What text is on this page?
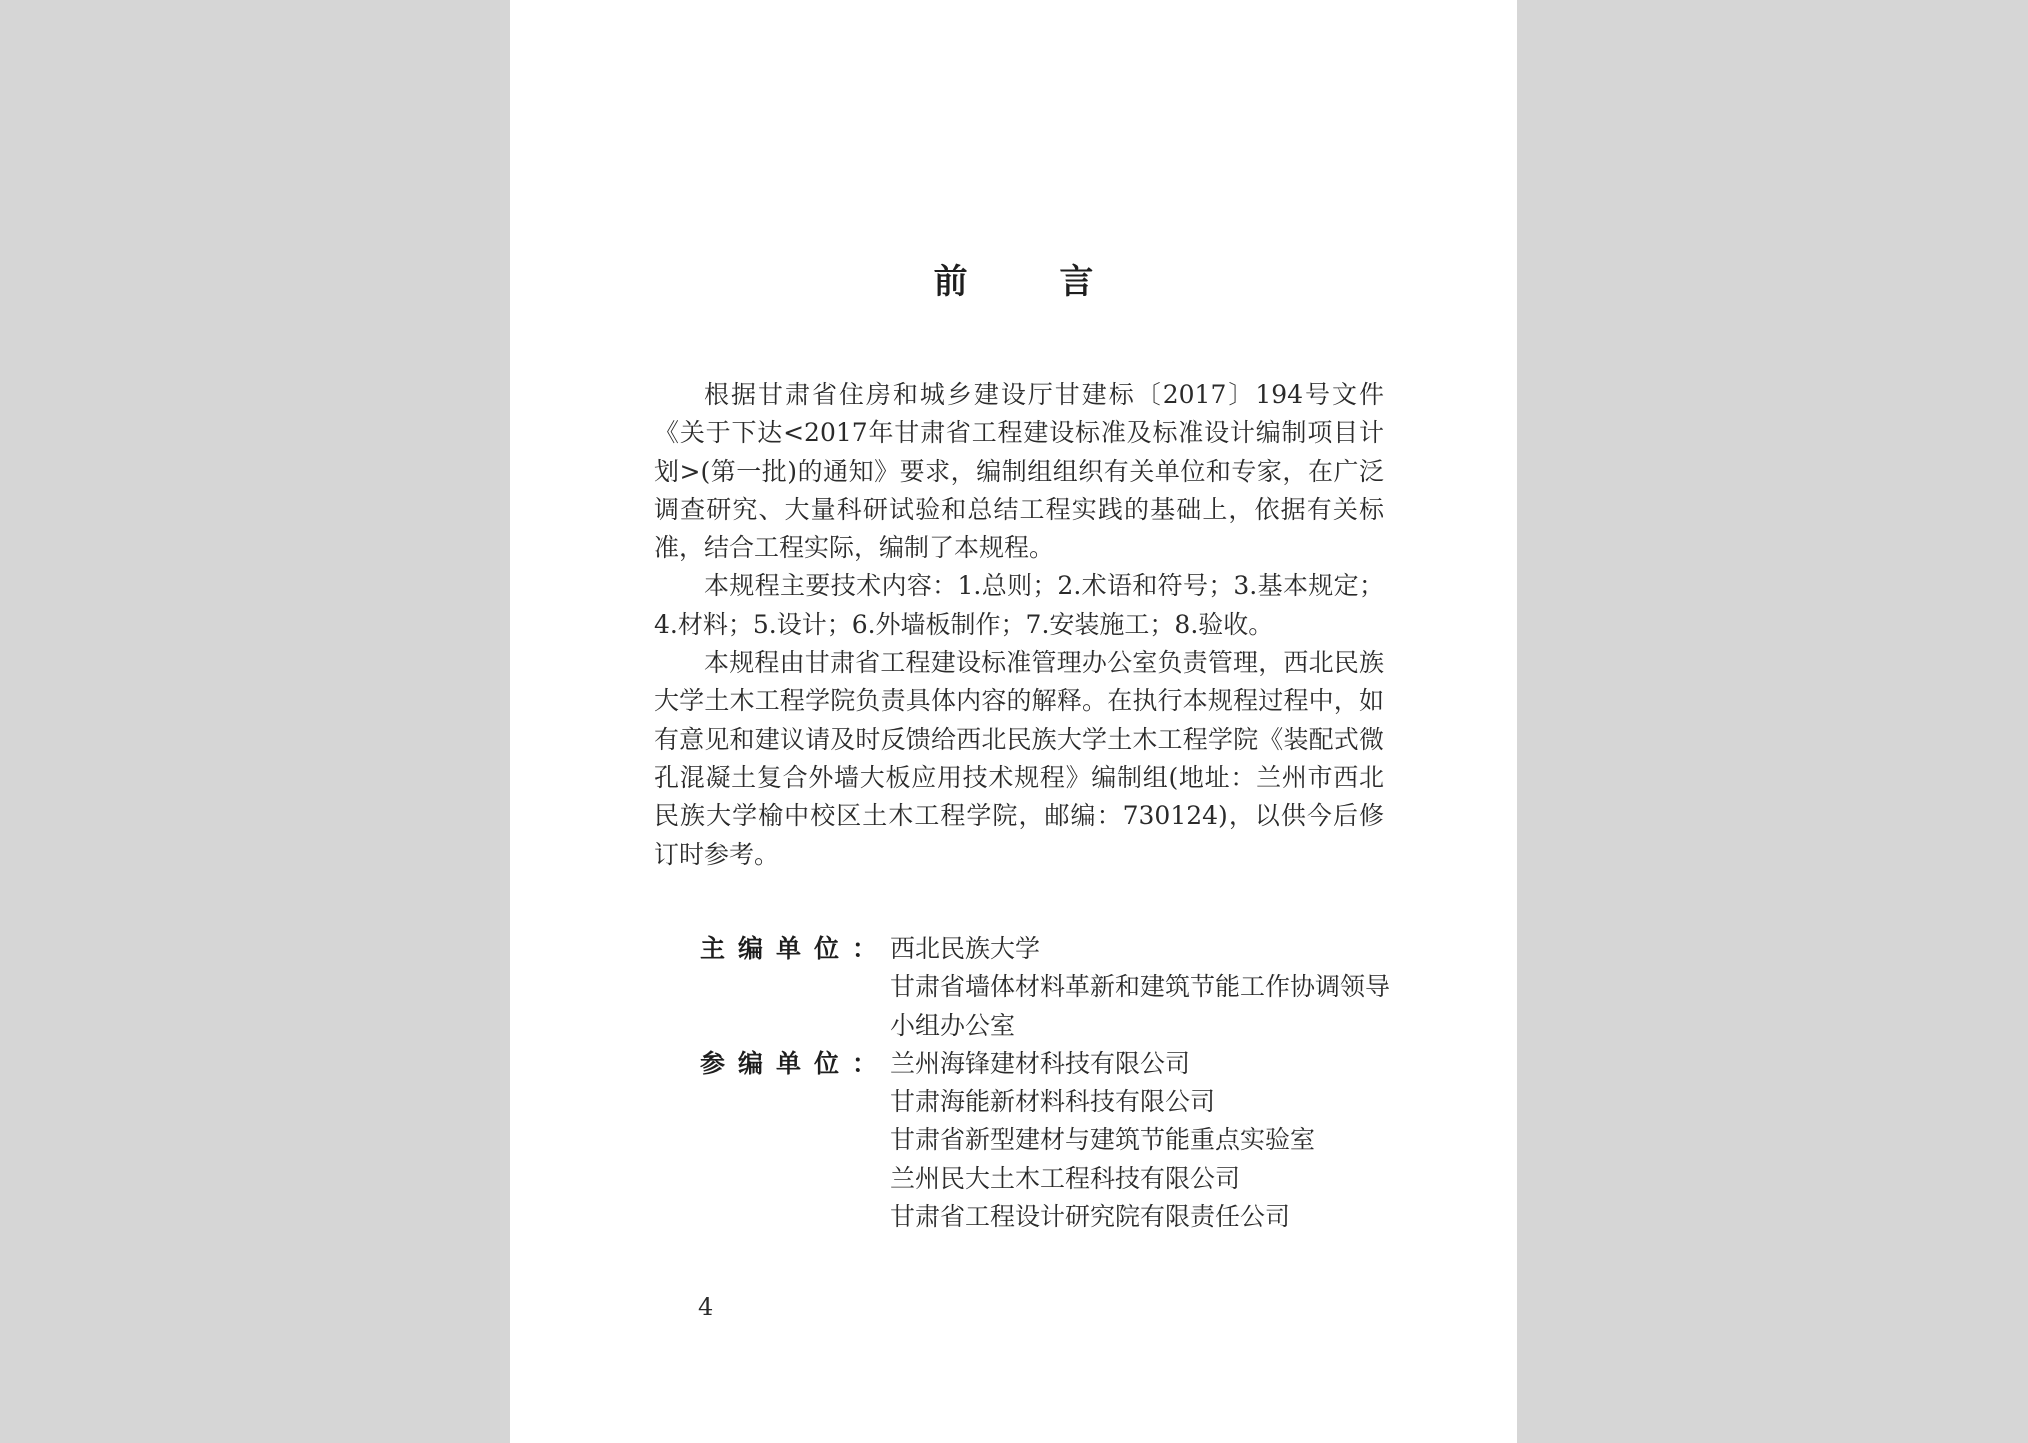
前 言

根据甘肃省住房和城乡建设厅甘建标〔2017〕194号文件《关于下达<2017年甘肃省工程建设标准及标准设计编制项目计划>(第一批)的通知》要求，编制组组织有关单位和专家，在广泛调查研究、大量科研试验和总结工程实践的基础上，依据有关标准，结合工程实际，编制了本规程。

本规程主要技术内容：1.总则；2.术语和符号；3.基本规定；4.材料；5.设计；6.外墙板制作；7.安装施工；8.验收。

本规程由甘肃省工程建设标准管理办公室负责管理，西北民族大学土木工程学院负责具体内容的解释。在执行本规程过程中，如有意见和建议请及时反馈给西北民族大学土木工程学院《装配式微孔混凝土复合外墙大板应用技术规程》编制组(地址：兰州市西北民族大学榆中校区土木工程学院，邮编：730124)，以供今后修订时参考。

主编单位： 西北民族大学
甘肃省墙体材料革新和建筑节能工作协调领导小组办公室
参编单位： 兰州海锋建材科技有限公司
甘肃海能新材料科技有限公司
甘肃省新型建材与建筑节能重点实验室
兰州民大土木工程科技有限公司
甘肃省工程设计研究院有限责任公司
4
